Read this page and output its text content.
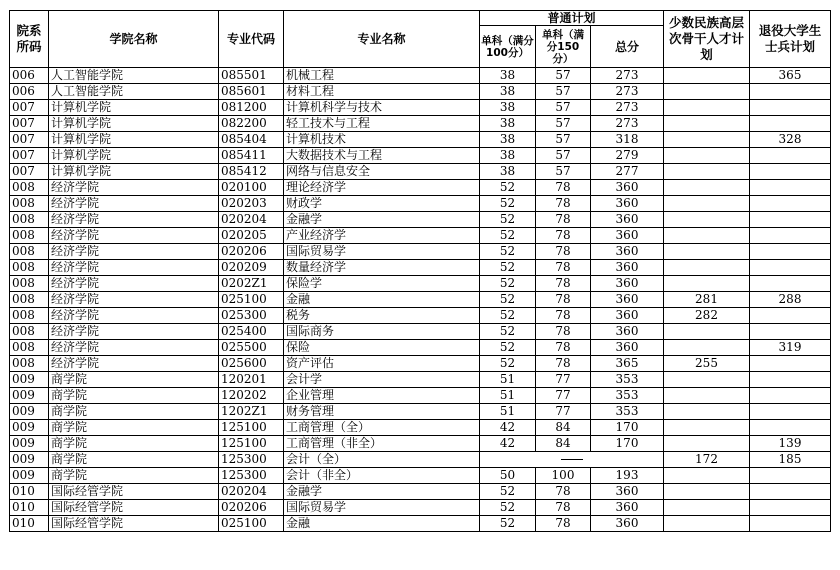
院系所码	学院名称	专业代码	专业名称	普通计划			少数民族高层次骨干人才计划	退役大学生士兵计划
				单科（满分100分）	单科（满分150分）	总分		
006	人工智能学院	085501	机械工程	38	57	273		365
006	人工智能学院	085601	材料工程	38	57	273		
007	计算机学院	081200	计算机科学与技术	38	57	273		
007	计算机学院	082200	轻工技术与工程	38	57	273		
007	计算机学院	085404	计算机技术	38	57	318		328
007	计算机学院	085411	大数据技术与工程	38	57	279		
007	计算机学院	085412	网络与信息安全	38	57	277		
008	经济学院	020100	理论经济学	52	78	360		
008	经济学院	020203	财政学	52	78	360		
008	经济学院	020204	金融学	52	78	360		
008	经济学院	020205	产业经济学	52	78	360		
008	经济学院	020206	国际贸易学	52	78	360		
008	经济学院	020209	数量经济学	52	78	360		
008	经济学院	0202Z1	保险学	52	78	360		
008	经济学院	025100	金融	52	78	360	281	288
008	经济学院	025300	税务	52	78	360	282	
008	经济学院	025400	国际商务	52	78	360		
008	经济学院	025500	保险	52	78	360		319
008	经济学院	025600	资产评估	52	78	365	255	
009	商学院	120201	会计学	51	77	353		
009	商学院	120202	企业管理	51	77	353		
009	商学院	1202Z1	财务管理	51	77	353		
009	商学院	125100	工商管理（全）	42	84	170		
009	商学院	125100	工商管理（非全）	42	84	170		139
009	商学院	125300	会计（全）				172	185
009	商学院	125300	会计（非全）	50	100	193		
010	国际经管学院	020204	金融学	52	78	360		
010	国际经管学院	020206	国际贸易学	52	78	360		
010	国际经管学院	025100	金融	52	78	360		
